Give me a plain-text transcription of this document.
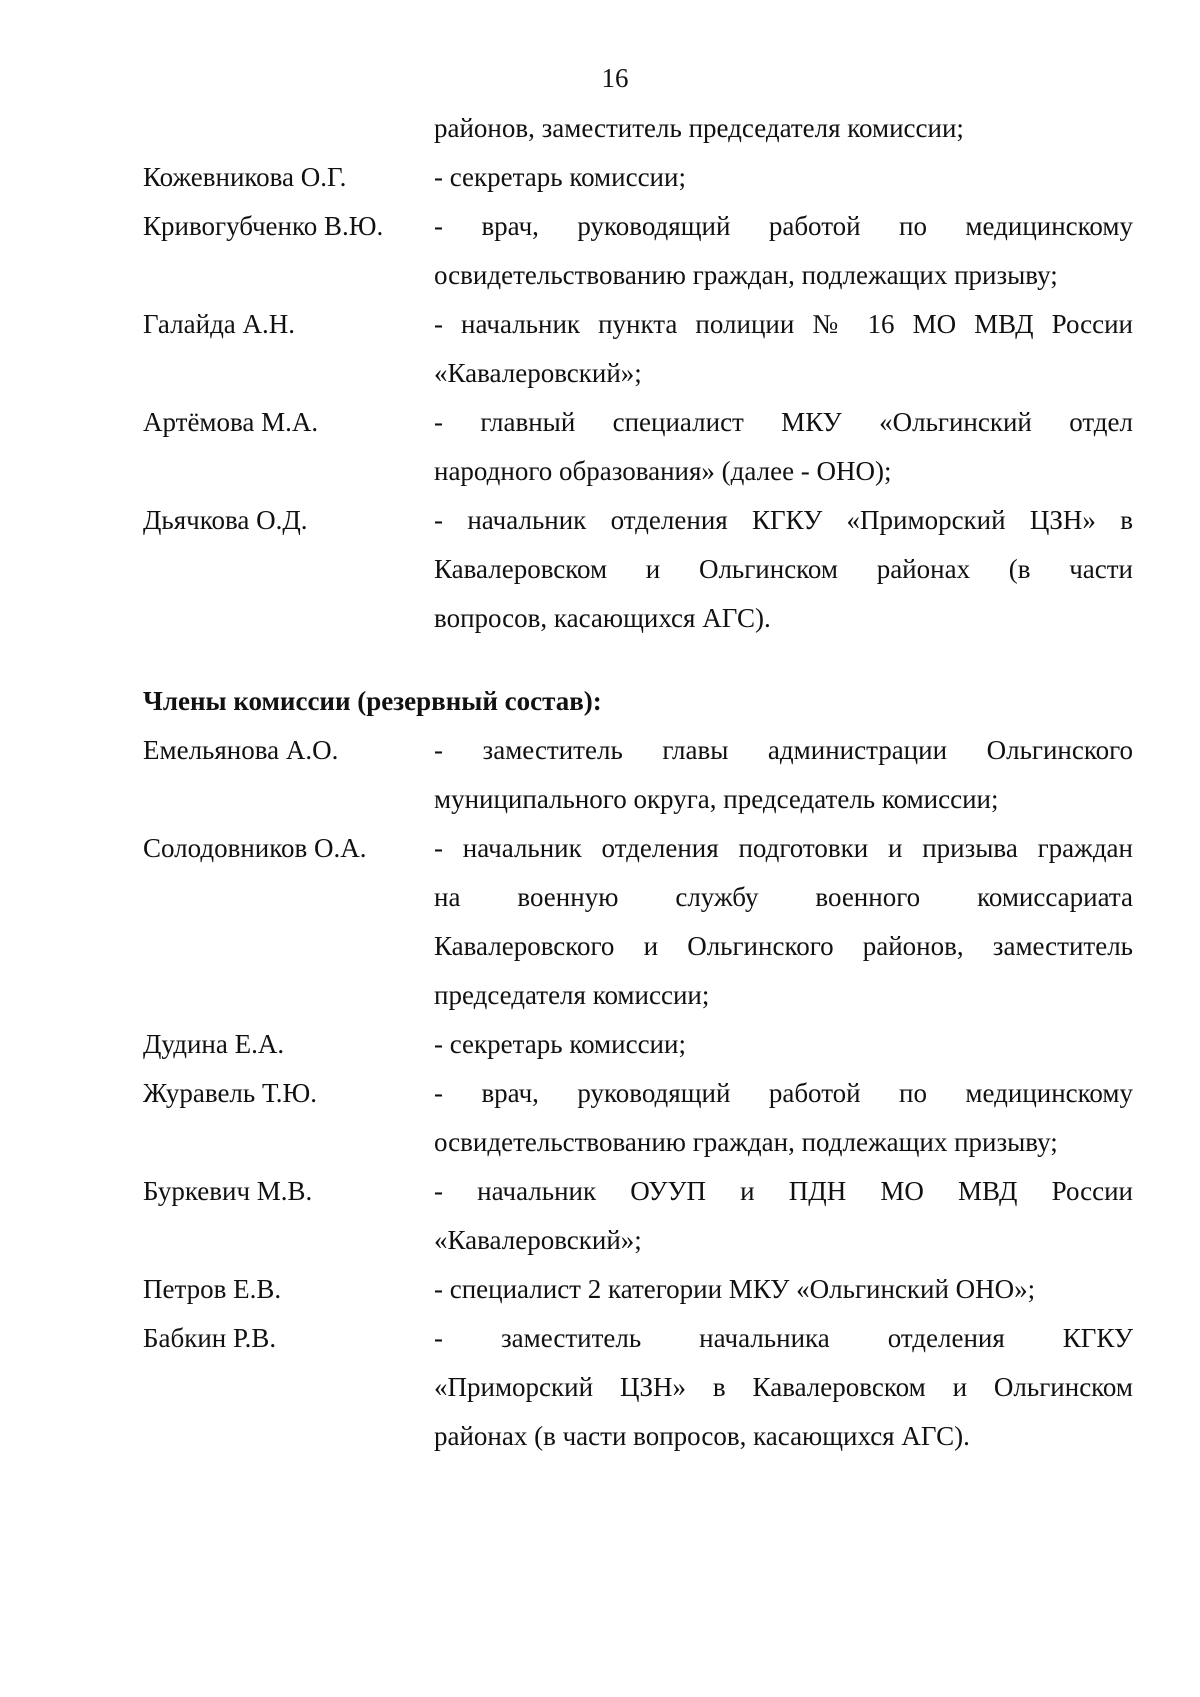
16
районов, заместитель председателя комиссии;
Кожевникова О.Г.	- секретарь комиссии;
Кривогубченко В.Ю.	- врач, руководящий работой по медицинскому
освидетельствованию граждан, подлежащих призыву;
Галайда А.Н.	- начальник пункта полиции № 16 МО МВД России
«Кавалеровский»;
Артёмова М.А.	- главный специалист МКУ «Ольгинский отдел
народного образования» (далее - ОНО);
Дьячкова О.Д.	- начальник отделения КГКУ «Приморский ЦЗН» в
Кавалеровском и Ольгинском районах (в части
вопросов, касающихся АГС).
Члены комиссии (резервный состав):
Емельянова А.О.	- заместитель главы администрации Ольгинского
муниципального округа, председатель комиссии;
Солодовников О.А.	- начальник отделения подготовки и призыва граждан
на военную службу военного комиссариата
Кавалеровского и Ольгинского районов, заместитель
председателя комиссии;
Дудина Е.А.	- секретарь комиссии;
Журавель Т.Ю.	- врач, руководящий работой по медицинскому
освидетельствованию граждан, подлежащих призыву;
Буркевич М.В.	- начальник ОУУП и ПДН МО МВД России
«Кавалеровский»;
Петров Е.В.	- специалист 2 категории МКУ «Ольгинский ОНО»;
Бабкин Р.В.	- заместитель начальника отделения КГКУ
«Приморский ЦЗН» в Кавалеровском и Ольгинском
районах (в части вопросов, касающихся АГС).
